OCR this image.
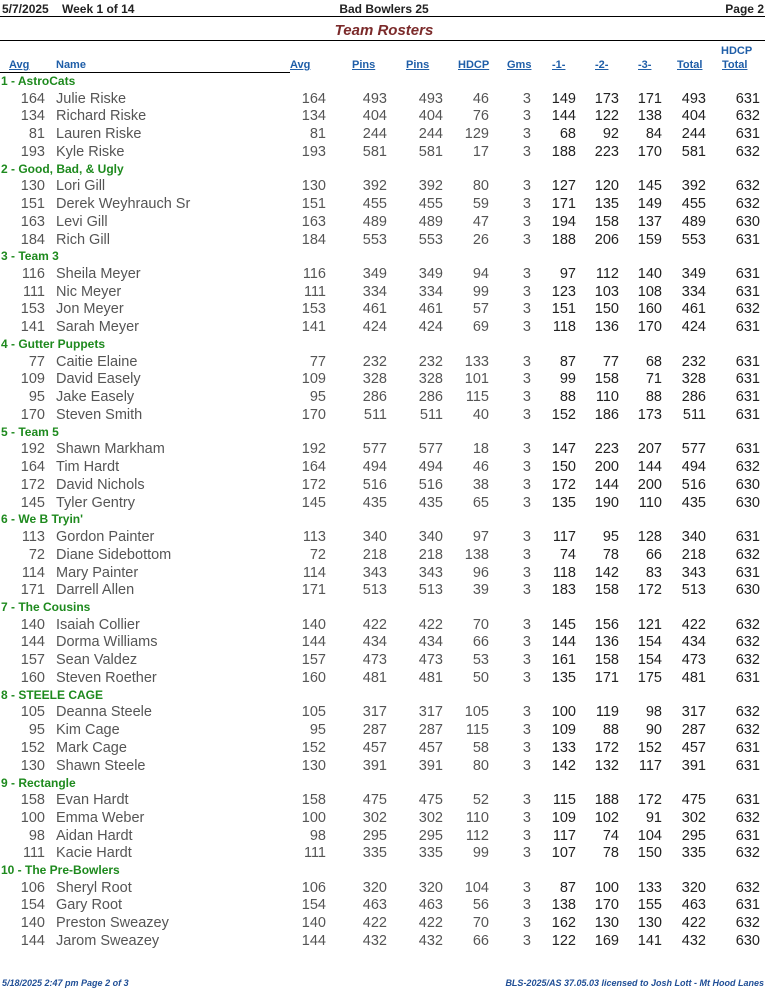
5/7/2025 Week 1 of 14	Bad Bowlers 25	Page 2
Team Rosters
Avg Name	Avg	Pins	Pins	HDCP Gms -1-	-2-	-3- Total
HDCP
Total
1 - AstroCats
164 Julie Riske	164	493 493 46 3 149 173 171 493 631
134 Richard Riske	134	404 404 76 3 144 122 138 404 632
81 Lauren Riske	81	244 244 129 3 68 92 84 244 631
193 Kyle Riske	193	581 581 17 3 188 223 170 581 632
2 - Good, Bad, & Ugly
130 Lori Gill	130	392 392 80 3 127 120 145 392 632
151 Derek Weyhrauch Sr	151	455 455 59 3 171 135 149 455 632
163 Levi Gill	163	489 489 47 3 194 158 137 489 630
184 Rich Gill	184	553 553 26 3 188 206 159 553 631
3 - Team 3
116 Sheila Meyer	116	349 349 94 3 97 112 140 349 631
111 Nic Meyer	111	334 334 99 3 123 103 108 334 631
153 Jon Meyer	153	461 461 57 3 151 150 160 461 632
141 Sarah Meyer	141	424 424 69 3 118 136 170 424 631
4 - Gutter Puppets
77 Caitie Elaine	77	232 232 133 3 87 77 68 232 631
109 David Easely	109	328 328 101 3 99 158 71 328 631
95 Jake Easely	95	286 286 115 3 88 110 88 286 631
170 Steven Smith	170	511 511 40 3 152 186 173 511 631
5 - Team 5
192 Shawn Markham	192	577 577 18 3 147 223 207 577 631
164 Tim Hardt	164	494 494 46 3 150 200 144 494 632
172 David Nichols	172	516 516 38 3 172 144 200 516 630
145 Tyler Gentry	145	435 435 65 3 135 190 110 435 630
6 - We B Tryin'
113 Gordon Painter	113	340 340 97 3 117 95 128 340 631
72 Diane Sidebottom	72	218 218 138 3 74 78 66 218 632
114 Mary Painter	114	343 343 96 3 118 142 83 343 631
171 Darrell Allen	171	513 513 39 3 183 158 172 513 630
7 - The Cousins
140 Isaiah Collier	140	422 422 70 3 145 156 121 422 632
144 Dorma Williams	144	434 434 66 3 144 136 154 434 632
157 Sean Valdez	157	473 473 53 3 161 158 154 473 632
160 Steven Roether	160	481 481 50 3 135 171 175 481 631
8 - STEELE CAGE
105 Deanna Steele	105	317 317 105 3 100 119 98 317 632
95 Kim Cage	95	287 287 115 3 109 88 90 287 632
152 Mark Cage	152	457 457 58 3 133 172 152 457 631
130 Shawn Steele	130	391 391 80 3 142 132 117 391 631
9 - Rectangle
158 Evan Hardt	158	475 475 52 3 115 188 172 475 631
100 Emma Weber	100	302 302 110 3 109 102 91 302 632
98 Aidan Hardt	98	295 295 112 3 117 74 104 295 631
111 Kacie Hardt	111	335 335 99 3 107 78 150 335 632
10 - The Pre-Bowlers
106 Sheryl Root	106	320 320 104 3 87 100 133 320 632
154 Gary Root	154	463 463 56 3 138 170 155 463 631
140 Preston Sweazey	140	422 422 70 3 162 130 130 422 632
144 Jarom Sweazey	144	432 432 66 3 122 169 141 432 630
5/18/2025 2:47 pm Page 2 of 3	BLS-2025/AS 37.05.03 licensed to Josh Lott - Mt Hood Lanes
